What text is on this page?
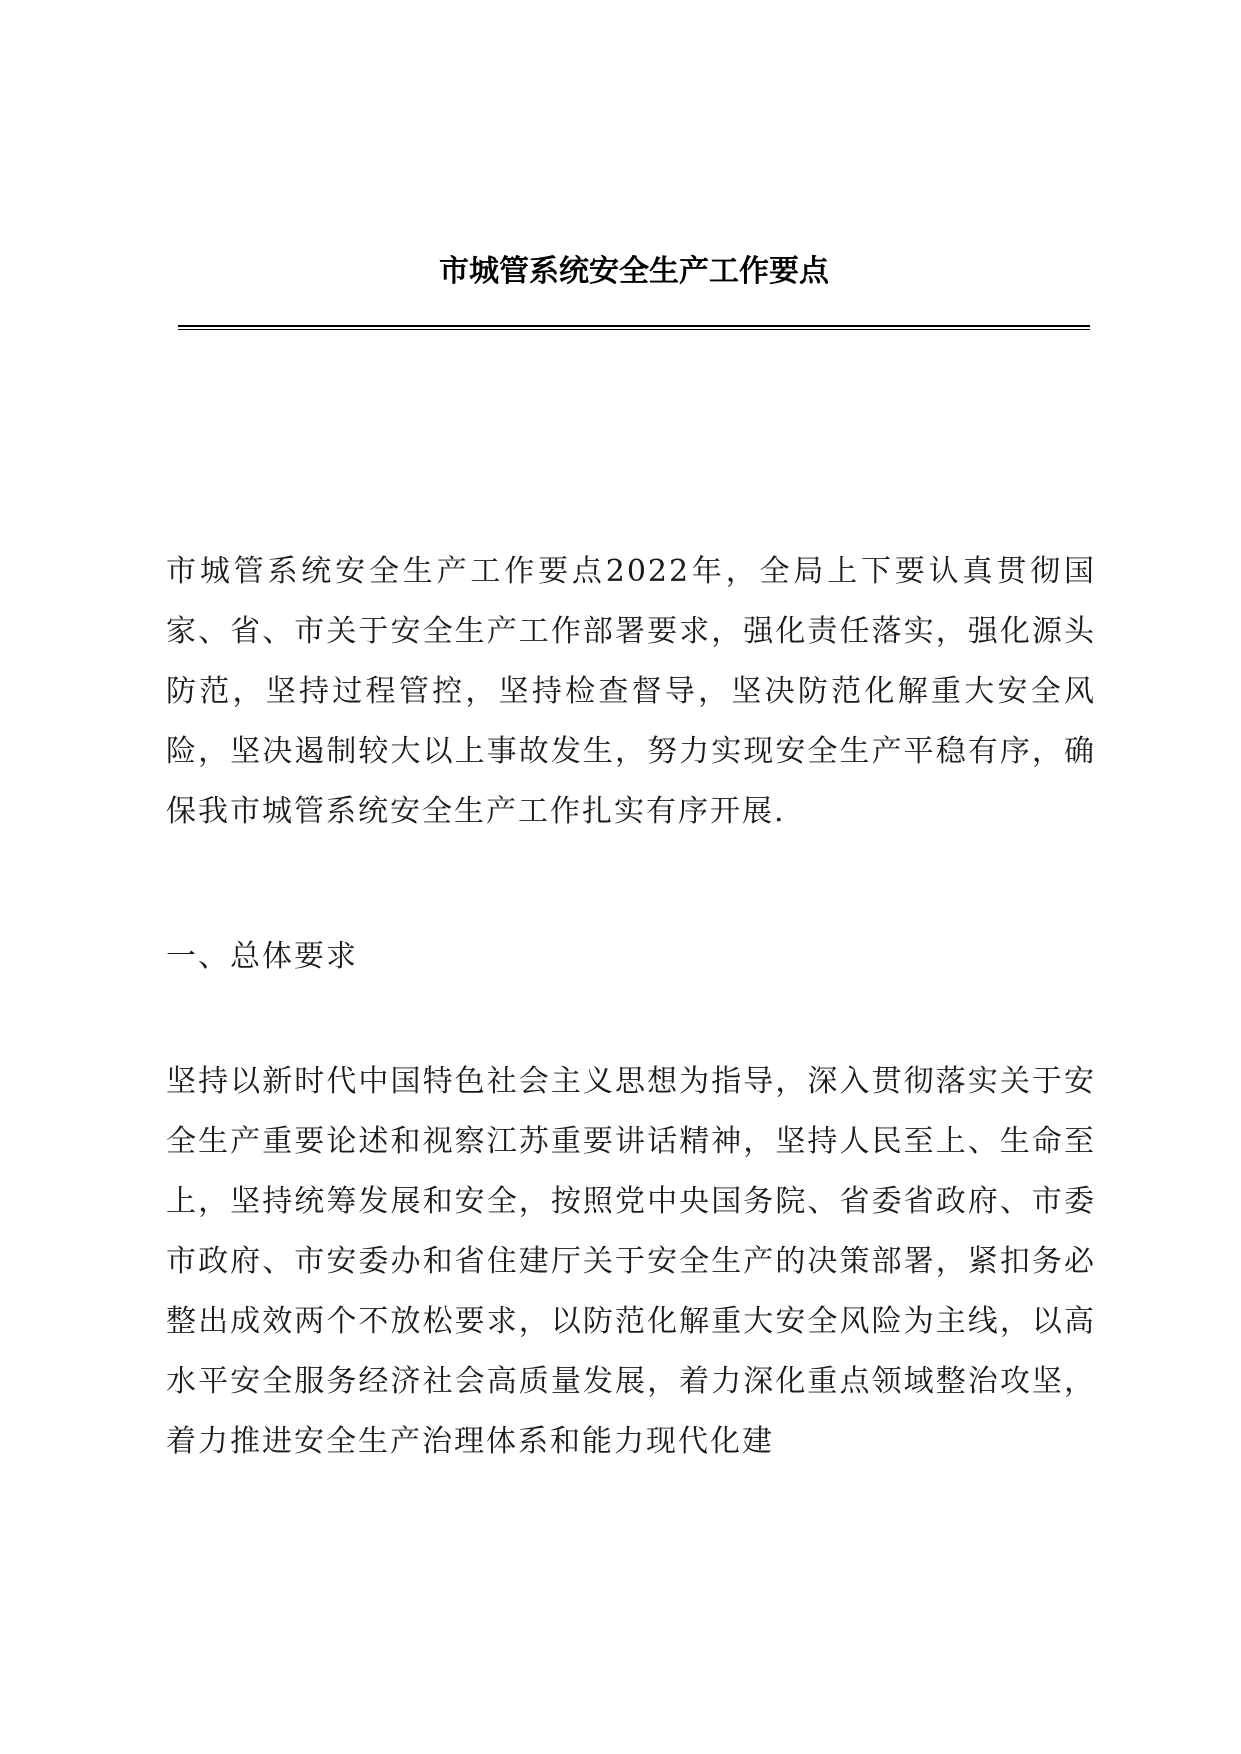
市城管系统安全生产工作要点

市城管系统安全生产工作要点2022年，全局上下要认真贯彻国家、省、市关于安全生产工作部署要求，强化责任落实，强化源头防范，坚持过程管控，坚持检查督导，坚决防范化解重大安全风险，坚决遏制较大以上事故发生，努力实现安全生产平稳有序，确保我市城管系统安全生产工作扎实有序开展.

一、总体要求

坚持以新时代中国特色社会主义思想为指导，深入贯彻落实关于安全生产重要论述和视察江苏重要讲话精神，坚持人民至上、生命至上，坚持统筹发展和安全，按照党中央国务院、省委省政府、市委市政府、市安委办和省住建厅关于安全生产的决策部署，紧扣务必整出成效两个不放松要求，以防范化解重大安全风险为主线，以高水平安全服务经济社会高质量发展，着力深化重点领域整治攻坚，着力推进安全生产治理体系和能力现代化建
